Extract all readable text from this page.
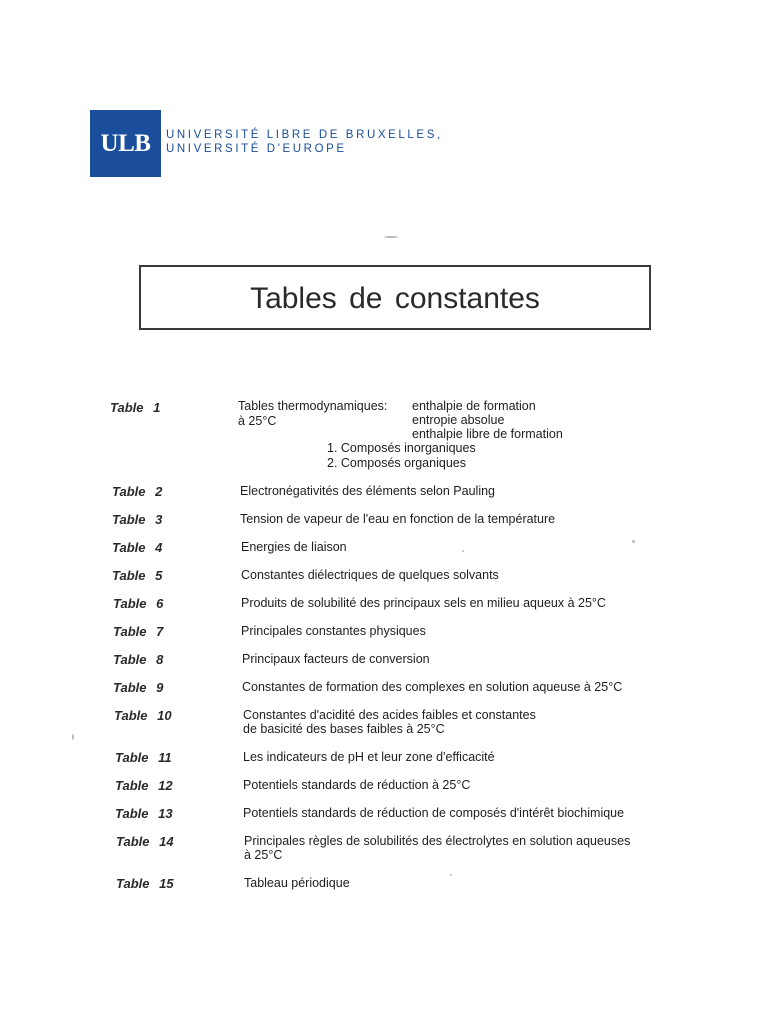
ULB UNIVERSITÉ LIBRE DE BRUXELLES,
UNIVERSITÉ D'EUROPE
Tables de constantes
Table 1	Tables thermodynamiques:
à 25°C
enthalpie de formation
entropie absolue
enthalpie libre de formation
1. Composés inorganiques
2. Composés organiques
Table 2	Electronégativités des éléments selon Pauling
Table 3	Tension de vapeur de l'eau en fonction de la température
Table 4	Energies de liaison
Table 5	Constantes diélectriques de quelques solvants
Table 6	Produits de solubilité des principaux sels en milieu aqueux à 25°C
Table 7	Principales constantes physiques
Table 8	Principaux facteurs de conversion
Table 9	Constantes de formation des complexes en solution aqueuse à 25°C
Table 10	Constantes d'acidité des acides faibles et constantes
de basicité des bases faibles à 25°C
Table 11	Les indicateurs de pH et leur zone d'efficacité
Table 12	Potentiels standards de réduction à 25°C
Table 13	Potentiels standards de réduction de composés d'intérêt biochimique
Table 14	Principales règles de solubilités des électrolytes en solution aqueuses
à 25°C
Table 15	Tableau périodique
